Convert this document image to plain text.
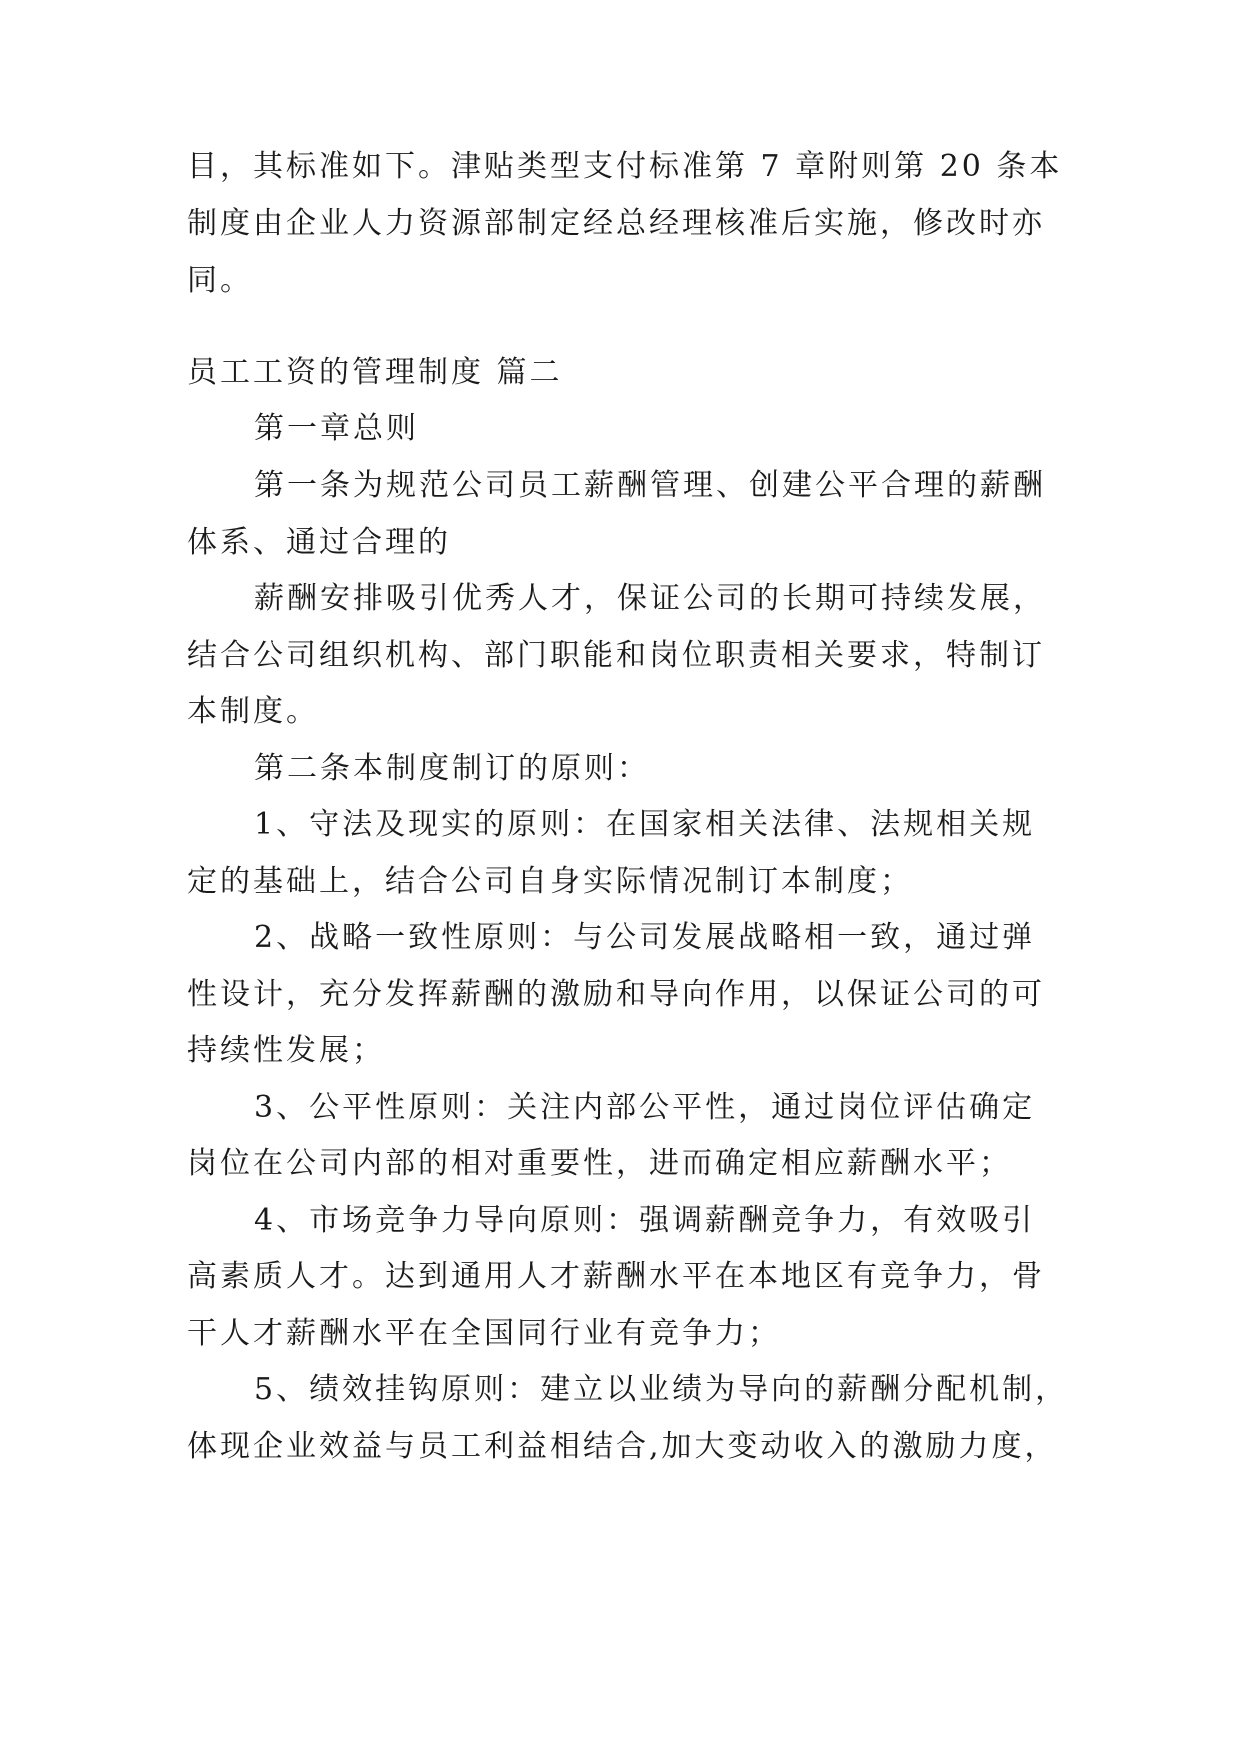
目，其标准如下。津贴类型支付标准第 7 章附则第 20 条本
制度由企业人力资源部制定经总经理核准后实施，修改时亦
同。
员工工资的管理制度 篇二
第一章总则
第一条为规范公司员工薪酬管理、创建公平合理的薪酬
体系、通过合理的
薪酬安排吸引优秀人才，保证公司的长期可持续发展，
结合公司组织机构、部门职能和岗位职责相关要求，特制订
本制度。
第二条本制度制订的原则：
1、守法及现实的原则：在国家相关法律、法规相关规
定的基础上，结合公司自身实际情况制订本制度；
2、战略一致性原则：与公司发展战略相一致，通过弹
性设计，充分发挥薪酬的激励和导向作用，以保证公司的可
持续性发展；
3、公平性原则：关注内部公平性，通过岗位评估确定
岗位在公司内部的相对重要性，进而确定相应薪酬水平；
4、市场竞争力导向原则：强调薪酬竞争力，有效吸引
高素质人才。达到通用人才薪酬水平在本地区有竞争力，骨
干人才薪酬水平在全国同行业有竞争力；
5、绩效挂钩原则：建立以业绩为导向的薪酬分配机制，
体现企业效益与员工利益相结合,加大变动收入的激励力度，
